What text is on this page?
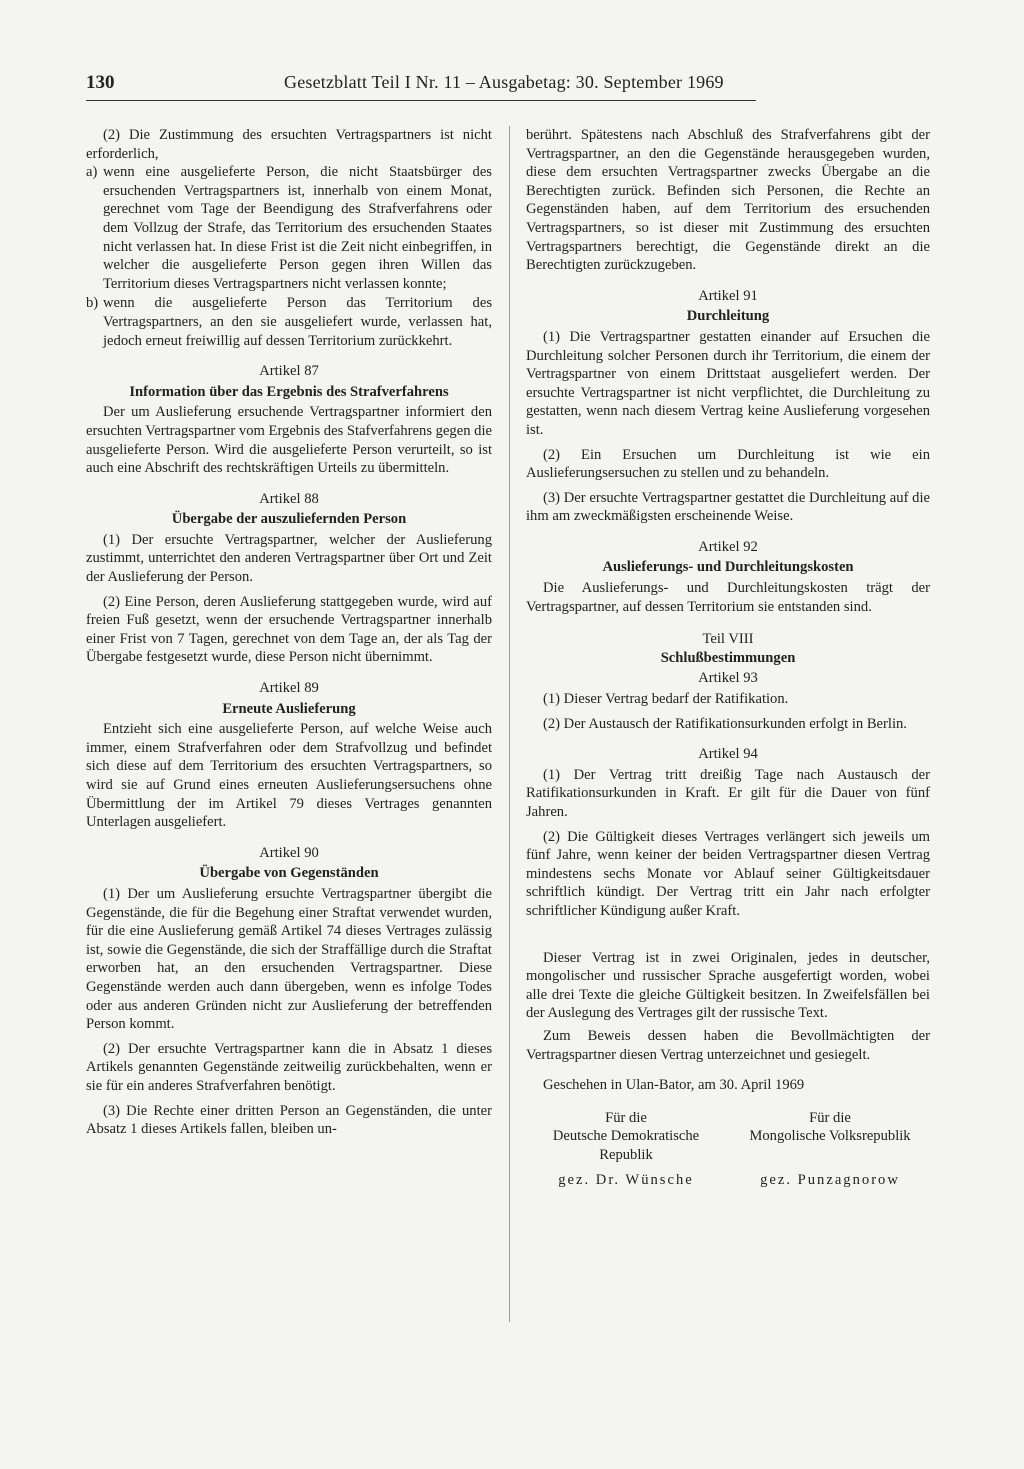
130	Gesetzblatt Teil I Nr. 11 – Ausgabetag: 30. September 1969

(2) Die Zustimmung des ersuchten Vertragspartners ist nicht erforderlich,

a) wenn eine ausgelieferte Person, die nicht Staatsbürger des ersuchenden Vertragspartners ist, innerhalb von einem Monat, gerechnet vom Tage der Beendigung des Strafverfahrens oder dem Vollzug der Strafe, das Territorium des ersuchenden Staates nicht verlassen hat. In diese Frist ist die Zeit nicht einbegriffen, in welcher die ausgelieferte Person gegen ihren Willen das Territorium dieses Vertragspartners nicht verlassen konnte;
b) wenn die ausgelieferte Person das Territorium des Vertragspartners, an den sie ausgeliefert wurde, verlassen hat, jedoch erneut freiwillig auf dessen Territorium zurückkehrt.

Artikel 87

Information über das Ergebnis des Strafverfahrens

Der um Auslieferung ersuchende Vertragspartner informiert den ersuchten Vertragspartner vom Ergebnis des Stafverfahrens gegen die ausgelieferte Person. Wird die ausgelieferte Person verurteilt, so ist auch eine Abschrift des rechtskräftigen Urteils zu übermitteln.

Artikel 88

Übergabe der auszuliefernden Person

(1) Der ersuchte Vertragspartner, welcher der Auslieferung zustimmt, unterrichtet den anderen Vertragspartner über Ort und Zeit der Auslieferung der Person.

(2) Eine Person, deren Auslieferung stattgegeben wurde, wird auf freien Fuß gesetzt, wenn der ersuchende Vertragspartner innerhalb einer Frist von 7 Tagen, gerechnet von dem Tage an, der als Tag der Übergabe festgesetzt wurde, diese Person nicht übernimmt.

Artikel 89

Erneute Auslieferung

Entzieht sich eine ausgelieferte Person, auf welche Weise auch immer, einem Strafverfahren oder dem Strafvollzug und befindet sich diese auf dem Territorium des ersuchten Vertragspartners, so wird sie auf Grund eines erneuten Auslieferungsersuchens ohne Übermittlung der im Artikel 79 dieses Vertrages genannten Unterlagen ausgeliefert.

Artikel 90

Übergabe von Gegenständen

(1) Der um Auslieferung ersuchte Vertragspartner übergibt die Gegenstände, die für die Begehung einer Straftat verwendet wurden, für die eine Auslieferung gemäß Artikel 74 dieses Vertrages zulässig ist, sowie die Gegenstände, die sich der Straffällige durch die Straftat erworben hat, an den ersuchenden Vertragspartner. Diese Gegenstände werden auch dann übergeben, wenn es infolge Todes oder aus anderen Gründen nicht zur Auslieferung der betreffenden Person kommt.

(2) Der ersuchte Vertragspartner kann die in Absatz 1 dieses Artikels genannten Gegenstände zeitweilig zurückbehalten, wenn er sie für ein anderes Strafverfahren benötigt.

(3) Die Rechte einer dritten Person an Gegenständen, die unter Absatz 1 dieses Artikels fallen, bleiben un-

berührt. Spätestens nach Abschluß des Strafverfahrens gibt der Vertragspartner, an den die Gegenstände herausgegeben wurden, diese dem ersuchten Vertragspartner zwecks Übergabe an die Berechtigten zurück. Befinden sich Personen, die Rechte an Gegenständen haben, auf dem Territorium des ersuchenden Vertragspartners, so ist dieser mit Zustimmung des ersuchten Vertragspartners berechtigt, die Gegenstände direkt an die Berechtigten zurückzugeben.

Artikel 91

Durchleitung

(1) Die Vertragspartner gestatten einander auf Ersuchen die Durchleitung solcher Personen durch ihr Territorium, die einem der Vertragspartner von einem Drittstaat ausgeliefert werden. Der ersuchte Vertragspartner ist nicht verpflichtet, die Durchleitung zu gestatten, wenn nach diesem Vertrag keine Auslieferung vorgesehen ist.

(2) Ein Ersuchen um Durchleitung ist wie ein Auslieferungsersuchen zu stellen und zu behandeln.

(3) Der ersuchte Vertragspartner gestattet die Durchleitung auf die ihm am zweckmäßigsten erscheinende Weise.

Artikel 92

Auslieferungs- und Durchleitungskosten

Die Auslieferungs- und Durchleitungskosten trägt der Vertragspartner, auf dessen Territorium sie entstanden sind.

Teil VIII

Schlußbestimmungen

Artikel 93

(1) Dieser Vertrag bedarf der Ratifikation.

(2) Der Austausch der Ratifikationsurkunden erfolgt in Berlin.

Artikel 94

(1) Der Vertrag tritt dreißig Tage nach Austausch der Ratifikationsurkunden in Kraft. Er gilt für die Dauer von fünf Jahren.

(2) Die Gültigkeit dieses Vertrages verlängert sich jeweils um fünf Jahre, wenn keiner der beiden Vertragspartner diesen Vertrag mindestens sechs Monate vor Ablauf seiner Gültigkeitsdauer schriftlich kündigt. Der Vertrag tritt ein Jahr nach erfolgter schriftlicher Kündigung außer Kraft.

Dieser Vertrag ist in zwei Originalen, jedes in deutscher, mongolischer und russischer Sprache ausgefertigt worden, wobei alle drei Texte die gleiche Gültigkeit besitzen. In Zweifelsfällen bei der Auslegung des Vertrages gilt der russische Text.

Zum Beweis dessen haben die Bevollmächtigten der Vertragspartner diesen Vertrag unterzeichnet und gesiegelt.

Geschehen in Ulan-Bator, am 30. April 1969

Für die
Deutsche Demokratische
Republik
gez. Dr. Wünsche
Für die
Mongolische Volksrepublik
gez. Punzagnorow
